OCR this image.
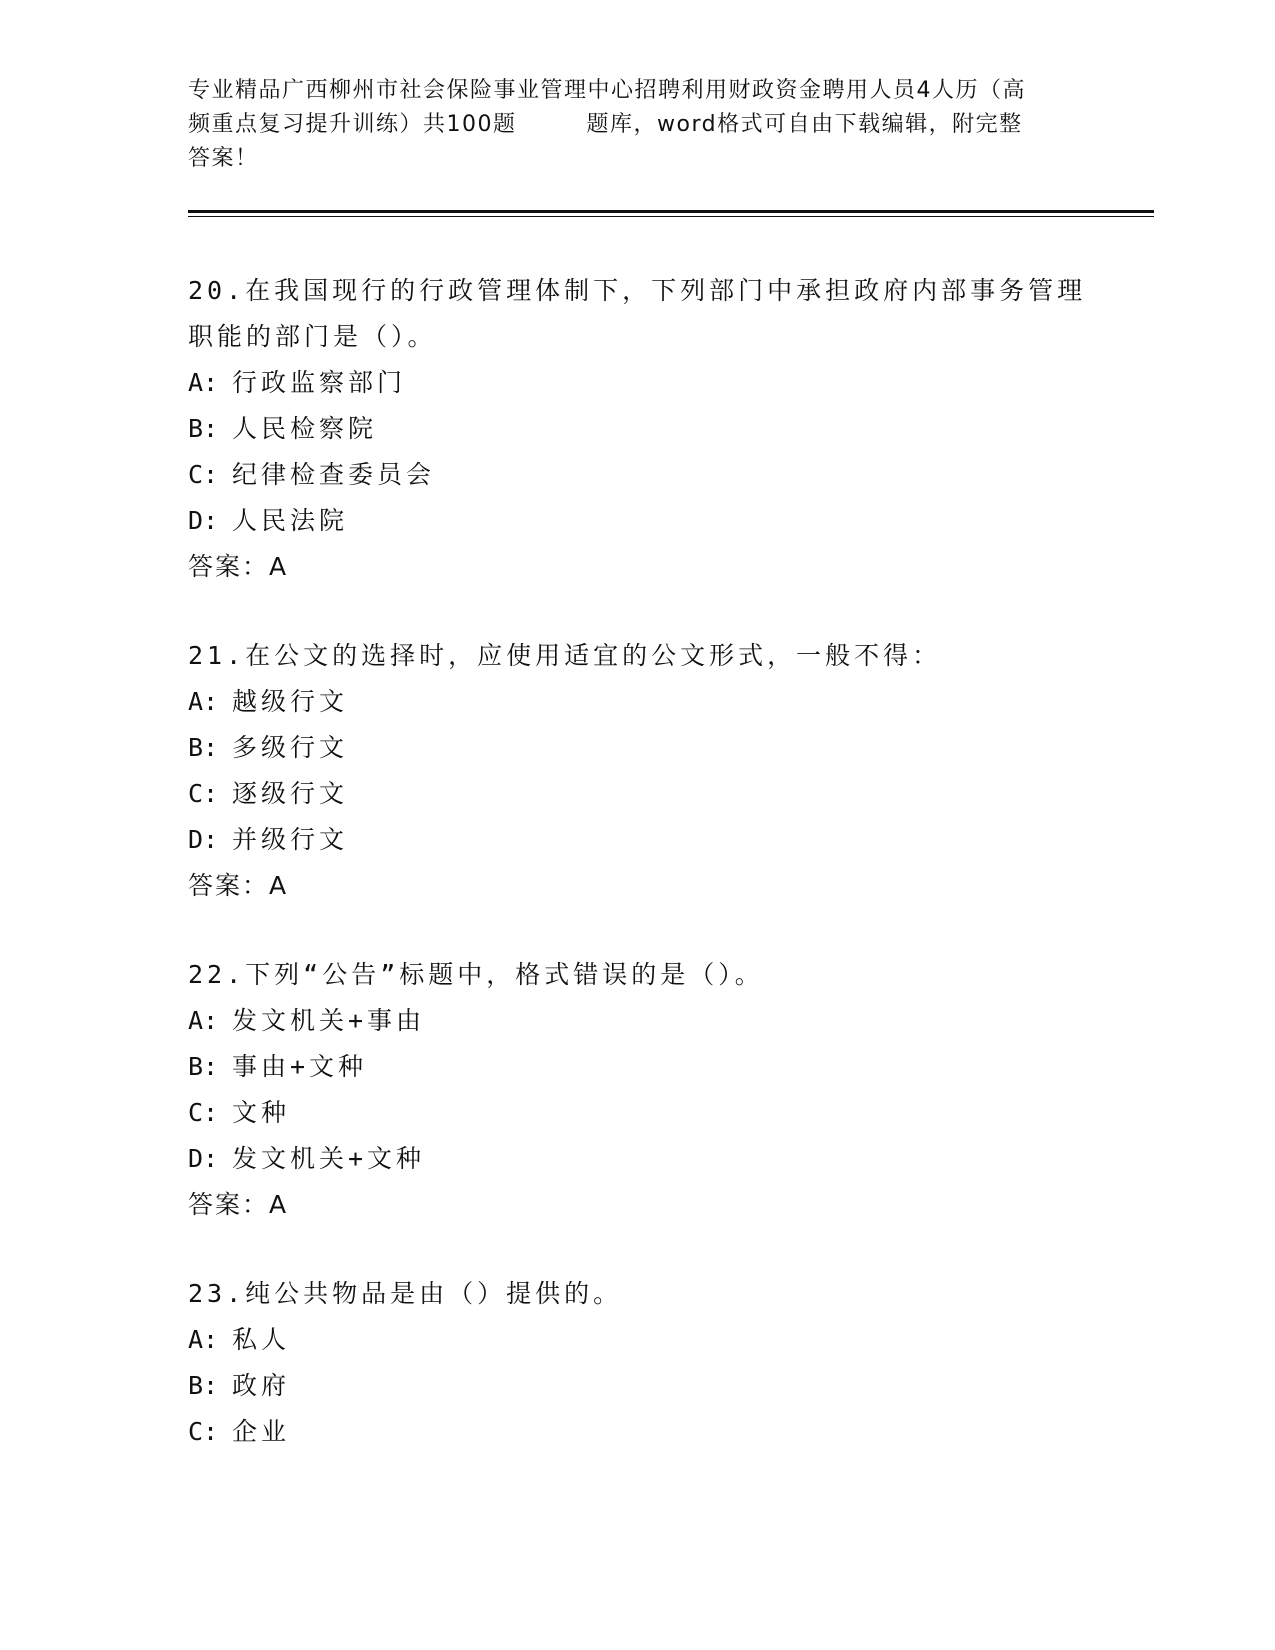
专业精品广西柳州市社会保险事业管理中心招聘利用财政资金聘用人员4人历（高
频重点复习提升训练）共100题	题库，word格式可自由下载编辑，附完整
答案！
20.在我国现行的行政管理体制下，下列部门中承担政府内部事务管理职能的部门是（）。
A: 行政监察部门
B: 人民检察院
C: 纪律检查委员会
D: 人民法院
答案：A
21.在公文的选择时，应使用适宜的公文形式，一般不得：
A: 越级行文
B: 多级行文
C: 逐级行文
D: 并级行文
答案：A
22.下列“公告”标题中，格式错误的是（）。
A: 发文机关+事由
B: 事由+文种
C: 文种
D: 发文机关+文种
答案：A
23.纯公共物品是由（）提供的。
A: 私人
B: 政府
C: 企业
